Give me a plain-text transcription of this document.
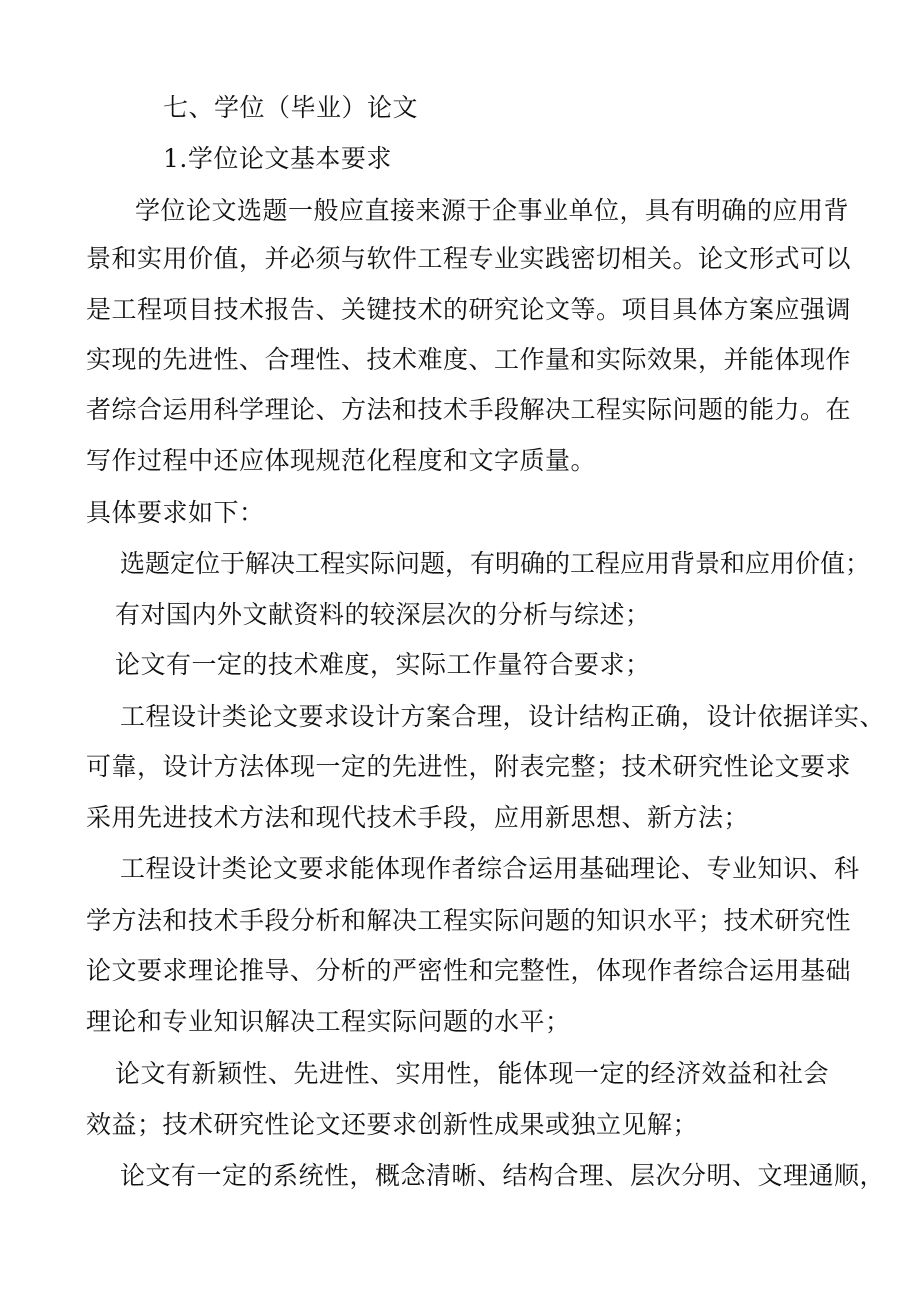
七、学位（毕业）论文
1.学位论文基本要求
学位论文选题一般应直接来源于企事业单位，具有明确的应用背
景和实用价值，并必须与软件工程专业实践密切相关。论文形式可以
是工程项目技术报告、关键技术的研究论文等。项目具体方案应强调
实现的先进性、合理性、技术难度、工作量和实际效果，并能体现作
者综合运用科学理论、方法和技术手段解决工程实际问题的能力。在
写作过程中还应体现规范化程度和文字质量。
具体要求如下：
选题定位于解决工程实际问题，有明确的工程应用背景和应用价值；
有对国内外文献资料的较深层次的分析与综述；
论文有一定的技术难度，实际工作量符合要求；
工程设计类论文要求设计方案合理，设计结构正确，设计依据详实、
可靠，设计方法体现一定的先进性，附表完整；技术研究性论文要求
采用先进技术方法和现代技术手段，应用新思想、新方法；
工程设计类论文要求能体现作者综合运用基础理论、专业知识、科
学方法和技术手段分析和解决工程实际问题的知识水平；技术研究性
论文要求理论推导、分析的严密性和完整性，体现作者综合运用基础
理论和专业知识解决工程实际问题的水平；
论文有新颖性、先进性、实用性，能体现一定的经济效益和社会
效益；技术研究性论文还要求创新性成果或独立见解；
论文有一定的系统性，概念清晰、结构合理、层次分明、文理通顺，
